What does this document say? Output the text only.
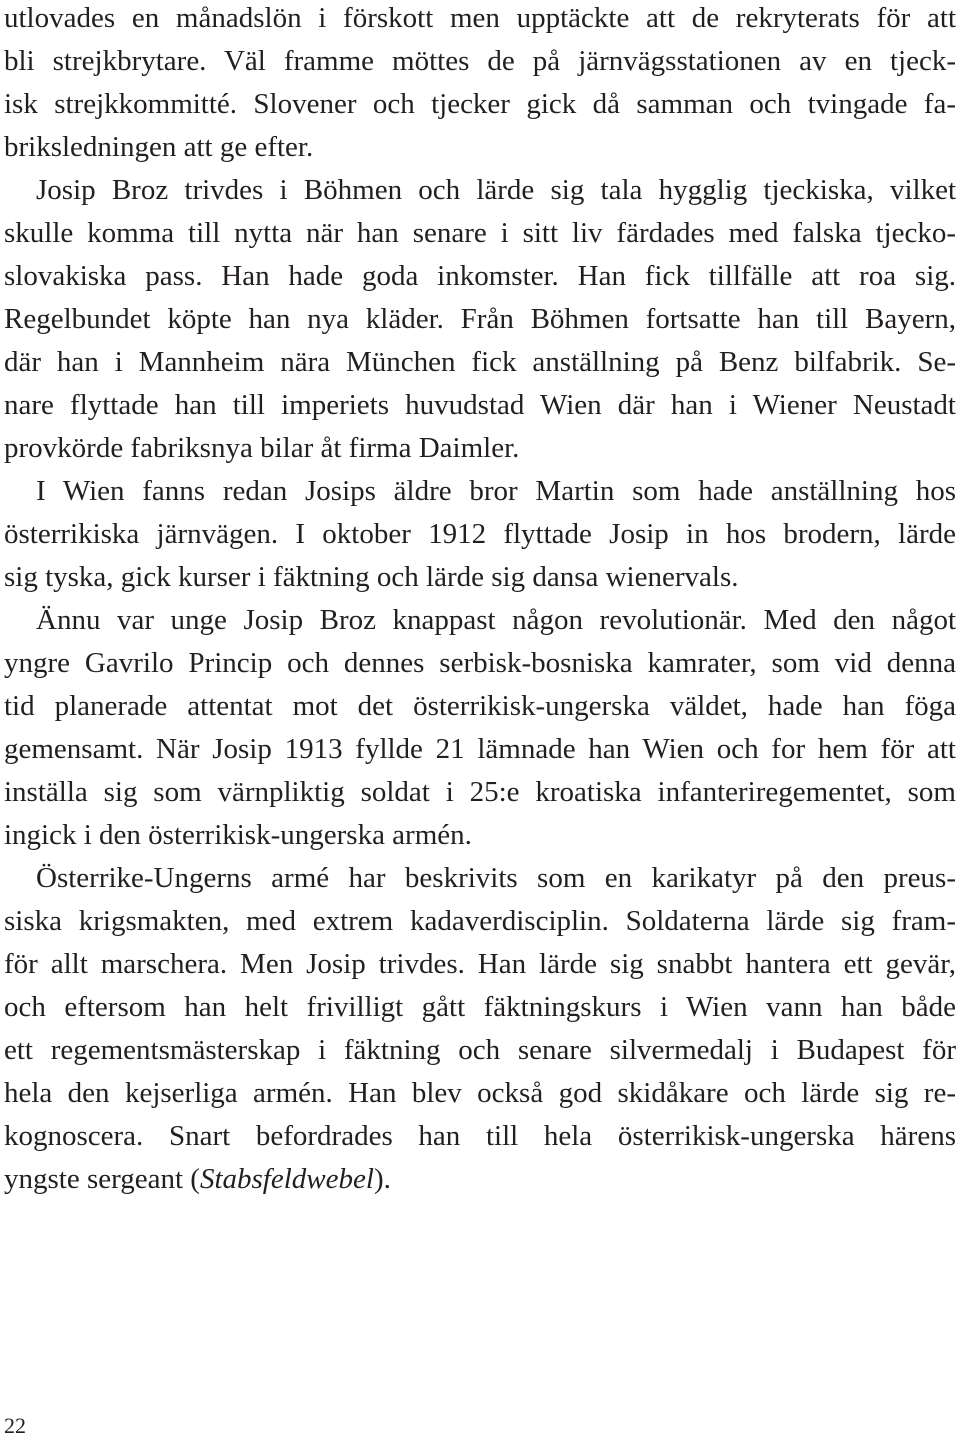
utlovades en månadslön i förskott men upptäckte att de rekryterats för att
bli strejkbrytare. Väl framme möttes de på järnvägsstationen av en tjeck-
isk strejkkommitté. Slovener och tjecker gick då samman och tvingade fa-
briksledningen att ge efter.
Josip Broz trivdes i Böhmen och lärde sig tala hygglig tjeckiska, vilket
skulle komma till nytta när han senare i sitt liv färdades med falska tjecko-
slovakiska pass. Han hade goda inkomster. Han fick tillfälle att roa sig.
Regelbundet köpte han nya kläder. Från Böhmen fortsatte han till Bayern,
där han i Mannheim nära München fick anställning på Benz bilfabrik. Se-
nare flyttade han till imperiets huvudstad Wien där han i Wiener Neustadt
provkörde fabriksnya bilar åt firma Daimler.
I Wien fanns redan Josips äldre bror Martin som hade anställning hos
österrikiska järnvägen. I oktober 1912 flyttade Josip in hos brodern, lärde
sig tyska, gick kurser i fäktning och lärde sig dansa wienervals.
Ännu var unge Josip Broz knappast någon revolutionär. Med den något
yngre Gavrilo Princip och dennes serbisk-bosniska kamrater, som vid denna
tid planerade attentat mot det österrikisk-ungerska väldet, hade han föga
gemensamt. När Josip 1913 fyllde 21 lämnade han Wien och for hem för att
inställa sig som värnpliktig soldat i 25:e kroatiska infanteriregementet, som
ingick i den österrikisk-ungerska armén.
Österrike-Ungerns armé har beskrivits som en karikatyr på den preus-
siska krigsmakten, med extrem kadaverdisciplin. Soldaterna lärde sig fram-
för allt marschera. Men Josip trivdes. Han lärde sig snabbt hantera ett gevär,
och eftersom han helt frivilligt gått fäktningskurs i Wien vann han både
ett regementsmästerskap i fäktning och senare silvermedalj i Budapest för
hela den kejserliga armén. Han blev också god skidåkare och lärde sig re-
kognoscera. Snart befordrades han till hela österrikisk-ungerska härens
yngste sergeant (Stabsfeldwebel).
22
